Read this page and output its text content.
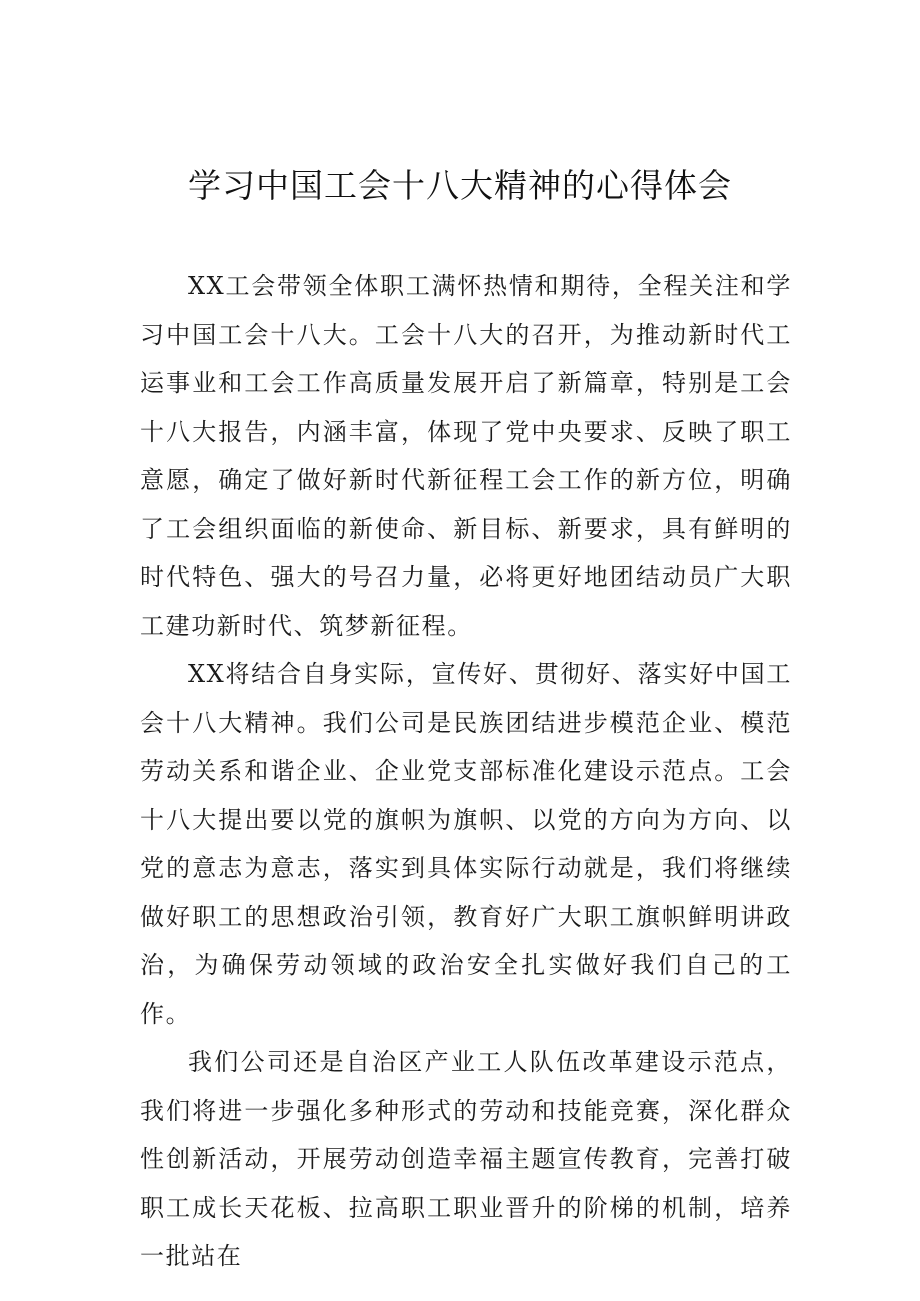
学习中国工会十八大精神的心得体会

XX工会带领全体职工满怀热情和期待，全程关注和学习中国工会十八大。工会十八大的召开，为推动新时代工运事业和工会工作高质量发展开启了新篇章，特别是工会十八大报告，内涵丰富，体现了党中央要求、反映了职工意愿，确定了做好新时代新征程工会工作的新方位，明确了工会组织面临的新使命、新目标、新要求，具有鲜明的时代特色、强大的号召力量，必将更好地团结动员广大职工建功新时代、筑梦新征程。

XX将结合自身实际，宣传好、贯彻好、落实好中国工会十八大精神。我们公司是民族团结进步模范企业、模范劳动关系和谐企业、企业党支部标准化建设示范点。工会十八大提出要以党的旗帜为旗帜、以党的方向为方向、以党的意志为意志，落实到具体实际行动就是，我们将继续做好职工的思想政治引领，教育好广大职工旗帜鲜明讲政治，为确保劳动领域的政治安全扎实做好我们自己的工作。

我们公司还是自治区产业工人队伍改革建设示范点，我们将进一步强化多种形式的劳动和技能竞赛，深化群众性创新活动，开展劳动创造幸福主题宣传教育，完善打破职工成长天花板、拉高职工职业晋升的阶梯的机制，培养一批站在
